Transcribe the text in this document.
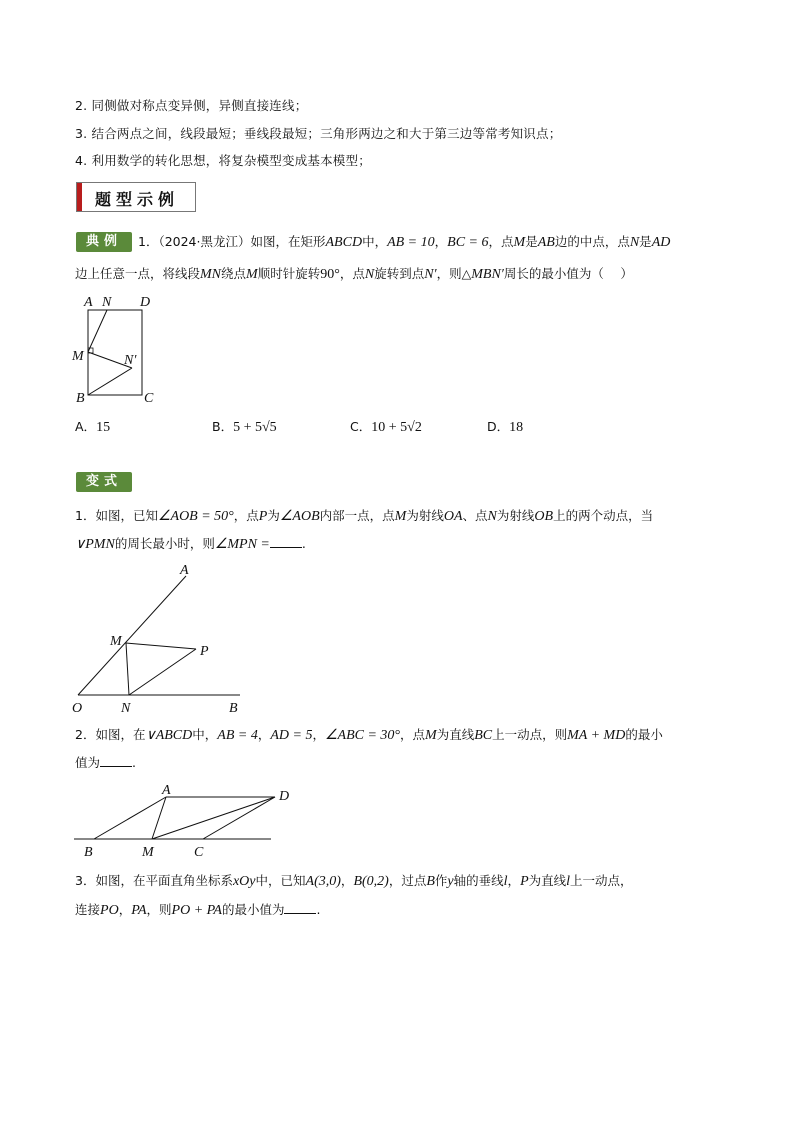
2. 同侧做对称点变异侧，异侧直接连线；
3. 结合两点之间，线段最短；垂线段最短；三角形两边之和大于第三边等常考知识点；
4. 利用数学的转化思想，将复杂模型变成基本模型；
题型示例
典例	1．（2024·黑龙江）如图，在矩形ABCD中，AB = 10，BC = 6，点M是AB边的中点，点N是AD
边上任意一点，将线段MN绕点M顺时针旋转90°，点N旋转到点N′，则△MBN′周长的最小值为（　 ）
A N D
M	N′
B	C
A．15	B．5 + 5√5	C．10 + 5√2	D．18
变式
1．如图，已知∠AOB = 50°，点P为∠AOB内部一点，点M为射线OA、点N为射线OB上的两个动点，当
∨PMN的周长最小时，则∠MPN =	.
A
M
P
O	N	B
2．如图，在∨ABCD中，AB = 4，AD = 5，∠ABC = 30°，点M为直线BC上一动点，则MA + MD的最小
值为	.
A	D
B	M	C
3．如图，在平面直角坐标系xOy中，已知A(3,0)，B(0,2)，过点B作y轴的垂线l，P为直线l上一动点，
连接PO，PA，则PO + PA的最小值为	.
